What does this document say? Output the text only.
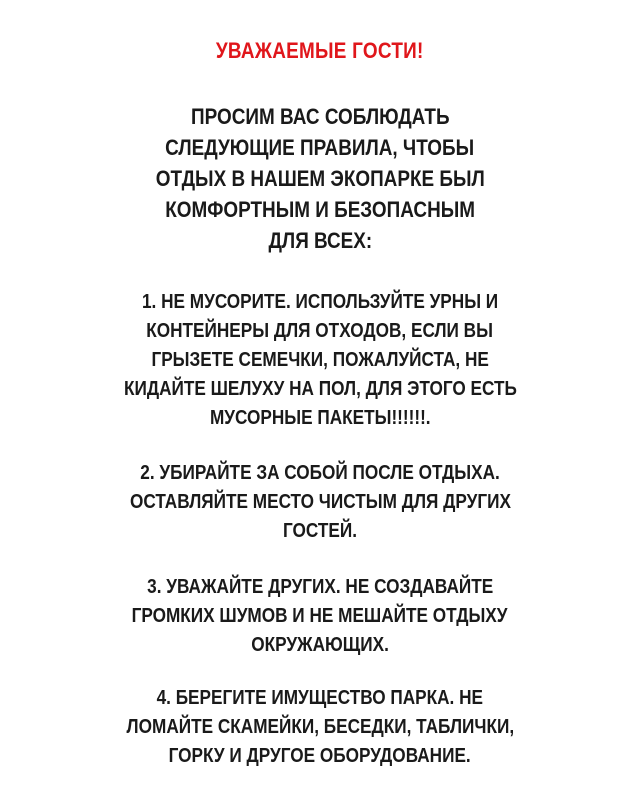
УВАЖАЕМЫЕ ГОСТИ!
ПРОСИМ ВАС СОБЛЮДАТЬ
СЛЕДУЮЩИЕ ПРАВИЛА, ЧТОБЫ
ОТДЫХ В НАШЕМ ЭКОПАРКЕ БЫЛ
КОМФОРТНЫМ И БЕЗОПАСНЫМ
ДЛЯ ВСЕХ:
1. НЕ МУСОРИТЕ. ИСПОЛЬЗУЙТЕ УРНЫ И
КОНТЕЙНЕРЫ ДЛЯ ОТХОДОВ, ЕСЛИ ВЫ
ГРЫЗЕТЕ СЕМЕЧКИ, ПОЖАЛУЙСТА, НЕ
КИДАЙТЕ ШЕЛУХУ НА ПОЛ, ДЛЯ ЭТОГО ЕСТЬ
МУСОРНЫЕ ПАКЕТЫ!!!!!!.
2. УБИРАЙТЕ ЗА СОБОЙ ПОСЛЕ ОТДЫХА.
ОСТАВЛЯЙТЕ МЕСТО ЧИСТЫМ ДЛЯ ДРУГИХ
ГОСТЕЙ.
3. УВАЖАЙТЕ ДРУГИХ. НЕ СОЗДАВАЙТЕ
ГРОМКИХ ШУМОВ И НЕ МЕШАЙТЕ ОТДЫХУ
ОКРУЖАЮЩИХ.
4. БЕРЕГИТЕ ИМУЩЕСТВО ПАРКА. НЕ
ЛОМАЙТЕ СКАМЕЙКИ, БЕСЕДКИ, ТАБЛИЧКИ,
ГОРКУ И ДРУГОЕ ОБОРУДОВАНИЕ.
